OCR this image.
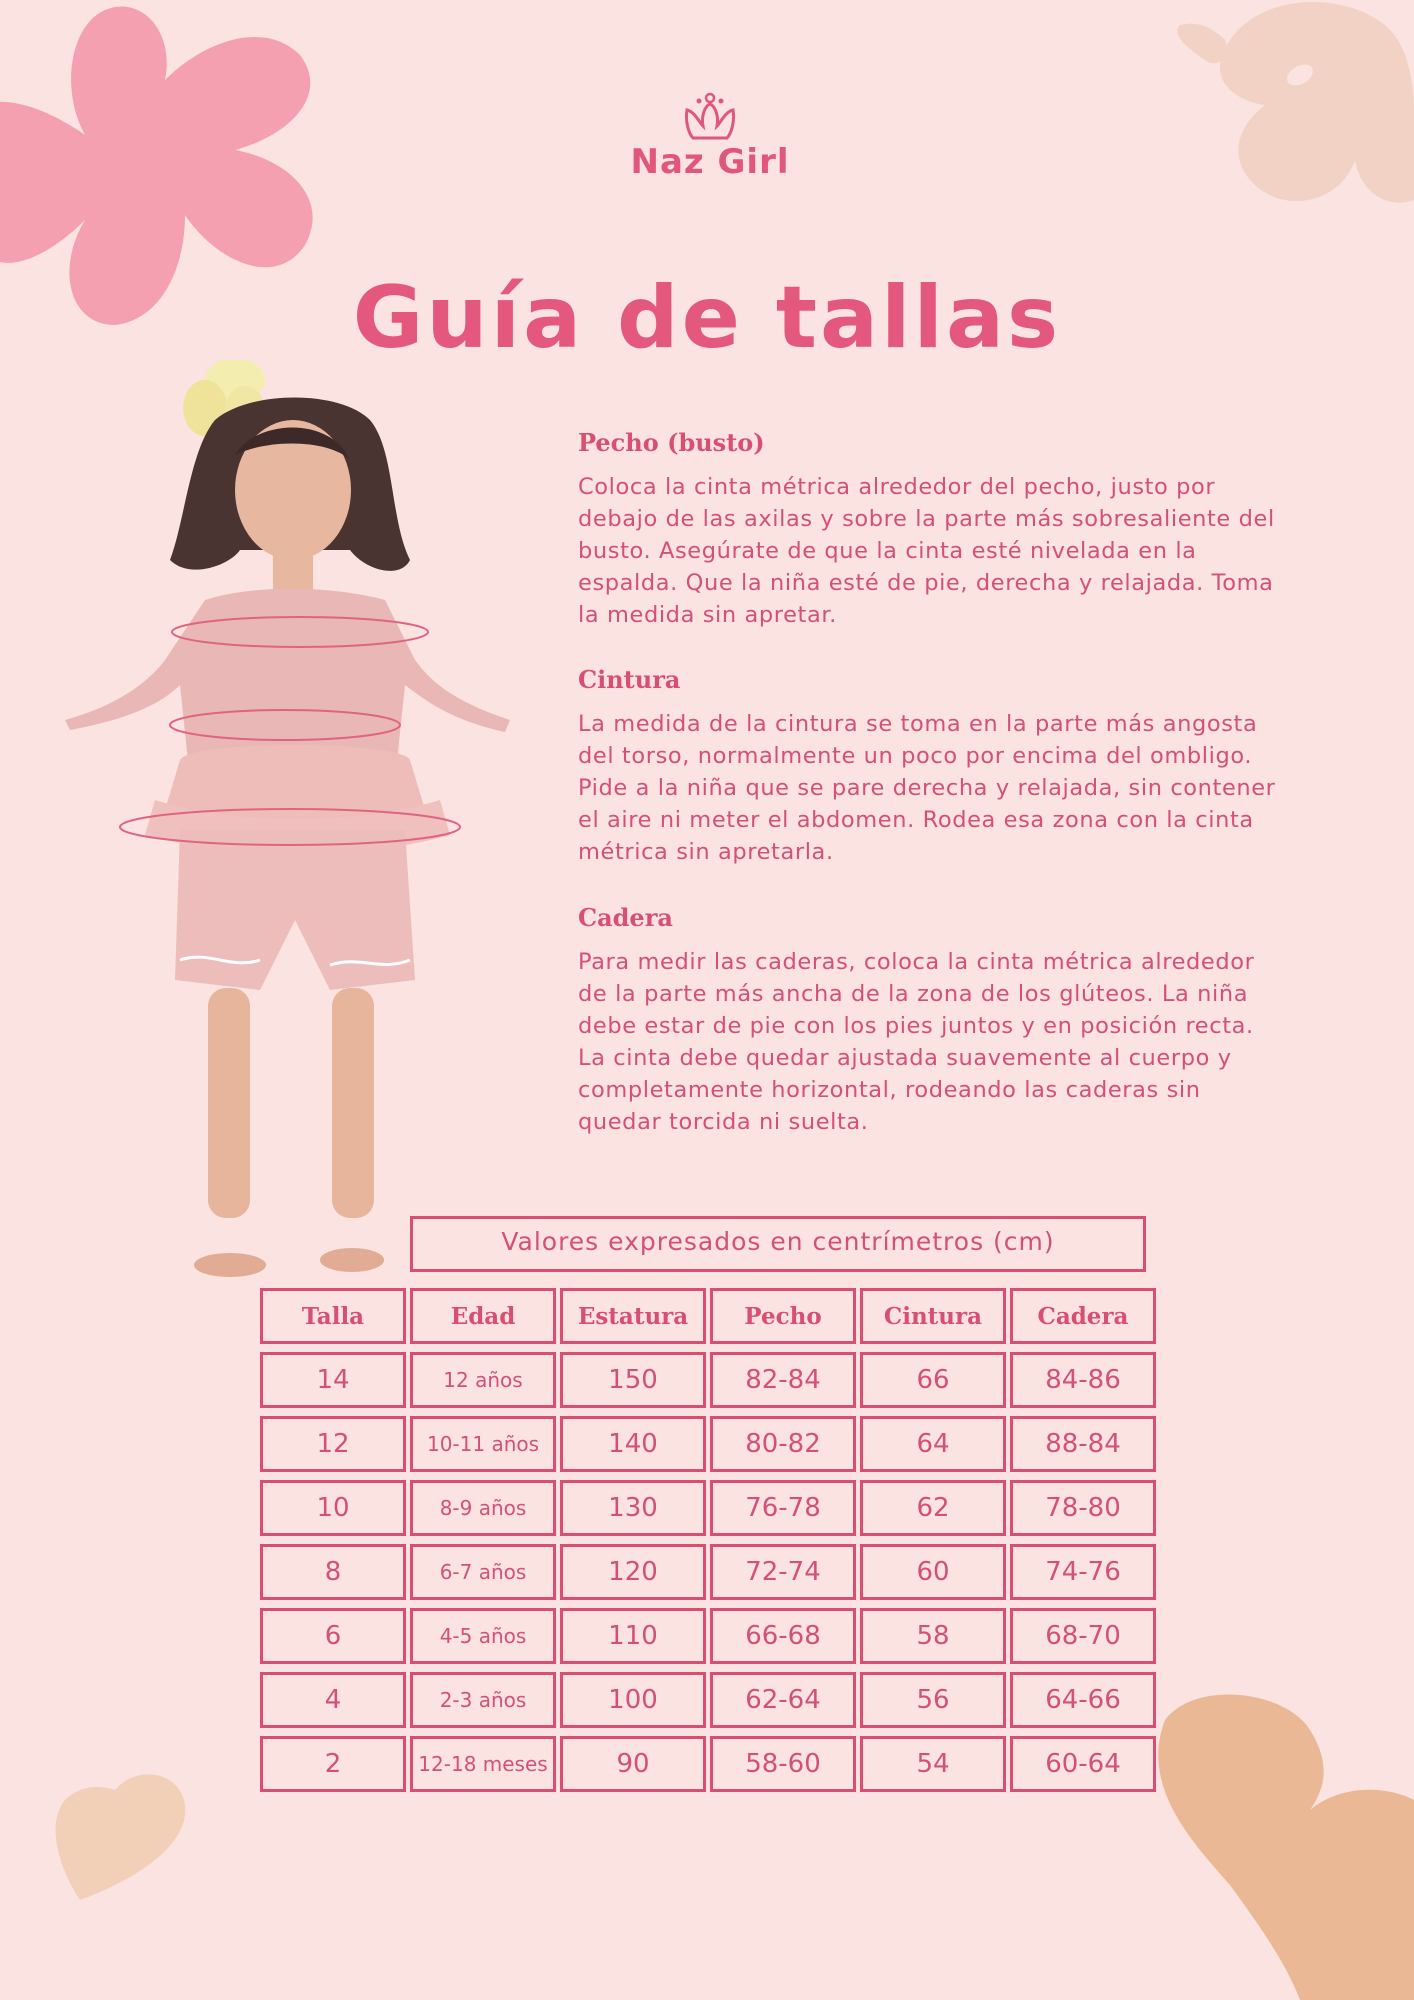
Naz Girl
Guía de tallas
Pecho (busto)

Coloca la cinta métrica alrededor del pecho, justo por debajo de las axilas y sobre la parte más sobresaliente del busto. Asegúrate de que la cinta esté nivelada en la espalda. Que la niña esté de pie, derecha y relajada. Toma la medida sin apretar.

Cintura

La medida de la cintura se toma en la parte más angosta del torso, normalmente un poco por encima del ombligo. Pide a la niña que se pare derecha y relajada, sin contener el aire ni meter el abdomen. Rodea esa zona con la cinta métrica sin apretarla.

Cadera

Para medir las caderas, coloca la cinta métrica alrededor de la parte más ancha de la zona de los glúteos. La niña debe estar de pie con los pies juntos y en posición recta. La cinta debe quedar ajustada suavemente al cuerpo y completamente horizontal, rodeando las caderas sin quedar torcida ni suelta.

Valores expresados en centrímetros (cm)
Talla	Edad	Estatura	Pecho	Cintura	Cadera
14	12 años	150	82-84	66	84-86
12	10-11 años	140	80-82	64	88-84
10	8-9 años	130	76-78	62	78-80
8	6-7 años	120	72-74	60	74-76
6	4-5 años	110	66-68	58	68-70
4	2-3 años	100	62-64	56	64-66
2	12-18 meses	90	58-60	54	60-64
